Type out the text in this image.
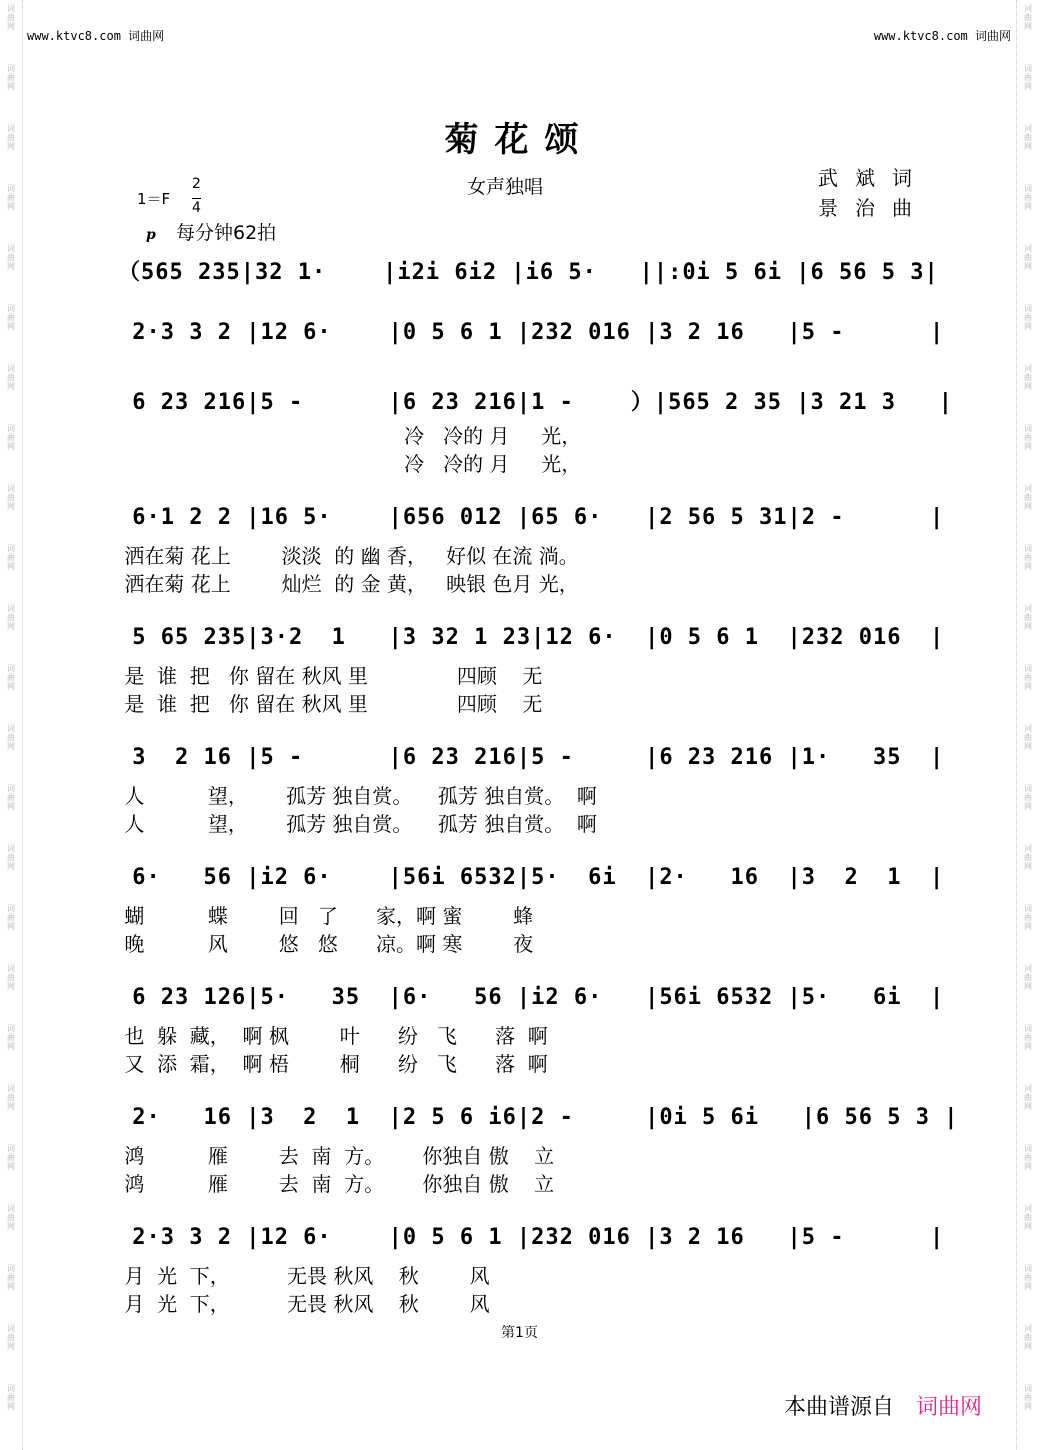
词
曲
网
词
曲
网
词
曲
网
词
曲
网
词
曲
网
词
曲
网
词
曲
网
词
曲
网
词
曲
网
词
曲
网
词
曲
网
词
曲
网
词
曲
网
词
曲
网
词
曲
网
词
曲
网
词
曲
网
词
曲
网
词
曲
网
词
曲
网
词
曲
网
词
曲
网
词
曲
网
词
曲
网
词
曲
网
词
曲
网
词
曲
网
词
曲
网
词
曲
网
词
曲
网
词
曲
网
词
曲
网
词
曲
网
词
曲
网
词
曲
网
词
曲
网
词
曲
网
词
曲
网
词
曲
网
词
曲
网
词
曲
网
词
曲
网
词
曲
网
词
曲
网
词
曲
网
词
曲
网
词
曲
网
词
曲
网
www.ktvc8.com 词曲网	www.ktvc8.com 词曲网
菊花颂
女声独唱	武斌词
景治曲
1＝F
2
4
p 每分钟62拍
（565 235|32 1·    |i2i 6i2 |i6 5·   ||:0i 5 6i |6 56 5 3|
2·3 3 2 |12 6·    |0 5 6 1 |232 016 |3 2 16   |5 -      |
6 23 216|5 -      |6 23 216|1 -    ）|565 2 35 |3 21 3   |
冷   冷的 月     光，
冷   冷的 月     光，
6·1 2 2 |16 5·    |656 012 |65 6·   |2 56 5 31|2 -      |
洒在菊 花上        淡淡  的 幽 香，   好似 在流 淌。
洒在菊 花上        灿烂  的 金 黄，   映银 色月 光，
5 65 235|3·2  1   |3 32 1 23|12 6·  |0 5 6 1  |232 016  |
是  谁  把   你 留在 秋风 里              四顾    无
是  谁  把   你 留在 秋风 里              四顾    无
3  2 16 |5 -      |6 23 216|5 -     |6 23 216 |1·   35  |
人          望，      孤芳 独自赏。    孤芳 独自赏。  啊
人          望，      孤芳 独自赏。    孤芳 独自赏。  啊
6·   56 |i2 6·    |56i 6532|5·  6i  |2·   16  |3  2  1  |
蝴          蝶        回   了      家，啊 蜜        蜂
晚          风        悠   悠      凉。啊 寒        夜
6 23 126|5·   35  |6·   56 |i2 6·   |56i 6532 |5·   6i  |
也  躲  藏，  啊 枫        叶      纷   飞      落  啊
又  添  霜，  啊 梧        桐      纷   飞      落  啊
2·   16 |3  2  1  |2 5 6 i6|2 -     |0i 5 6i   |6 56 5 3 |
鸿          雁        去  南  方。      你独自 傲    立
鸿          雁        去  南  方。      你独自 傲    立
2·3 3 2 |12 6·    |0 5 6 1 |232 016 |3 2 16   |5 -      |
月  光  下，         无畏 秋风    秋        风
月  光  下，         无畏 秋风    秋        风
第1页
本曲谱源自 词曲网
